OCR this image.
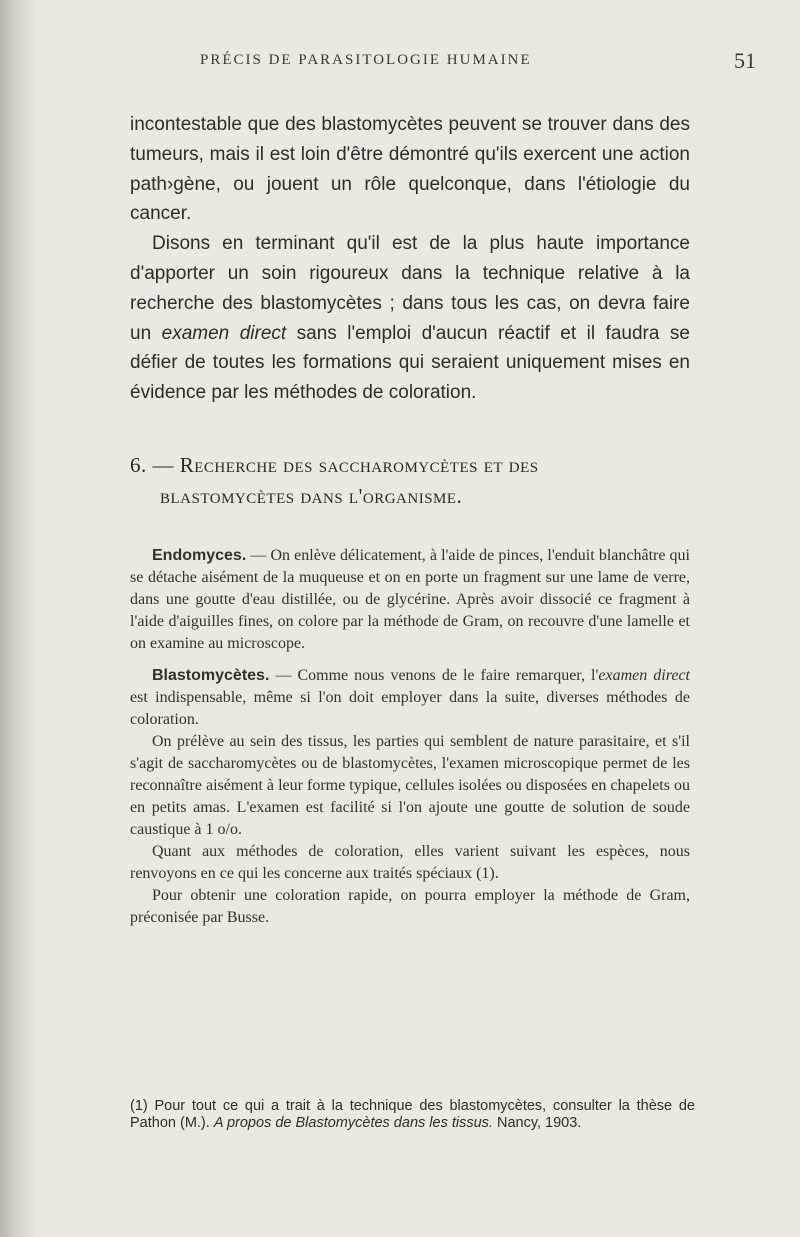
PRÉCIS DE PARASITOLOGIE HUMAINE	51

incontestable que des blastomycètes peuvent se trouver dans des tumeurs, mais il est loin d'être démontré qu'ils exercent une action path›gène, ou jouent un rôle quelconque, dans l'étiologie du cancer.

Disons en terminant qu'il est de la plus haute importance d'apporter un soin rigoureux dans la technique relative à la recherche des blastomycètes ; dans tous les cas, on devra faire un examen direct sans l'emploi d'aucun réactif et il faudra se défier de toutes les formations qui seraient uniquement mises en évidence par les méthodes de coloration.

6. — Recherche des saccharomycètes et des
blastomycètes dans l'organisme.

Endomyces. — On enlève délicatement, à l'aide de pinces, l'enduit blanchâtre qui se détache aisément de la muqueuse et on en porte un fragment sur une lame de verre, dans une goutte d'eau distillée, ou de glycérine. Après avoir dissocié ce fragment à l'aide d'aiguilles fines, on colore par la méthode de Gram, on recouvre d'une lamelle et on examine au microscope.

Blastomycètes. — Comme nous venons de le faire remarquer, l'examen direct est indispensable, même si l'on doit employer dans la suite, diverses méthodes de coloration.

On prélève au sein des tissus, les parties qui semblent de nature parasitaire, et s'il s'agit de saccharomycètes ou de blastomycètes, l'examen microscopique permet de les reconnaître aisément à leur forme typique, cellules isolées ou disposées en chapelets ou en petits amas. L'examen est facilité si l'on ajoute une goutte de solution de soude caustique à 1 o/o.

Quant aux méthodes de coloration, elles varient suivant les espèces, nous renvoyons en ce qui les concerne aux traités spéciaux (1).

Pour obtenir une coloration rapide, on pourra employer la méthode de Gram, préconisée par Busse.

(1) Pour tout ce qui a trait à la technique des blastomycètes, consulter la thèse de Pathon (M.). A propos de Blastomycètes dans les tissus. Nancy, 1903.
